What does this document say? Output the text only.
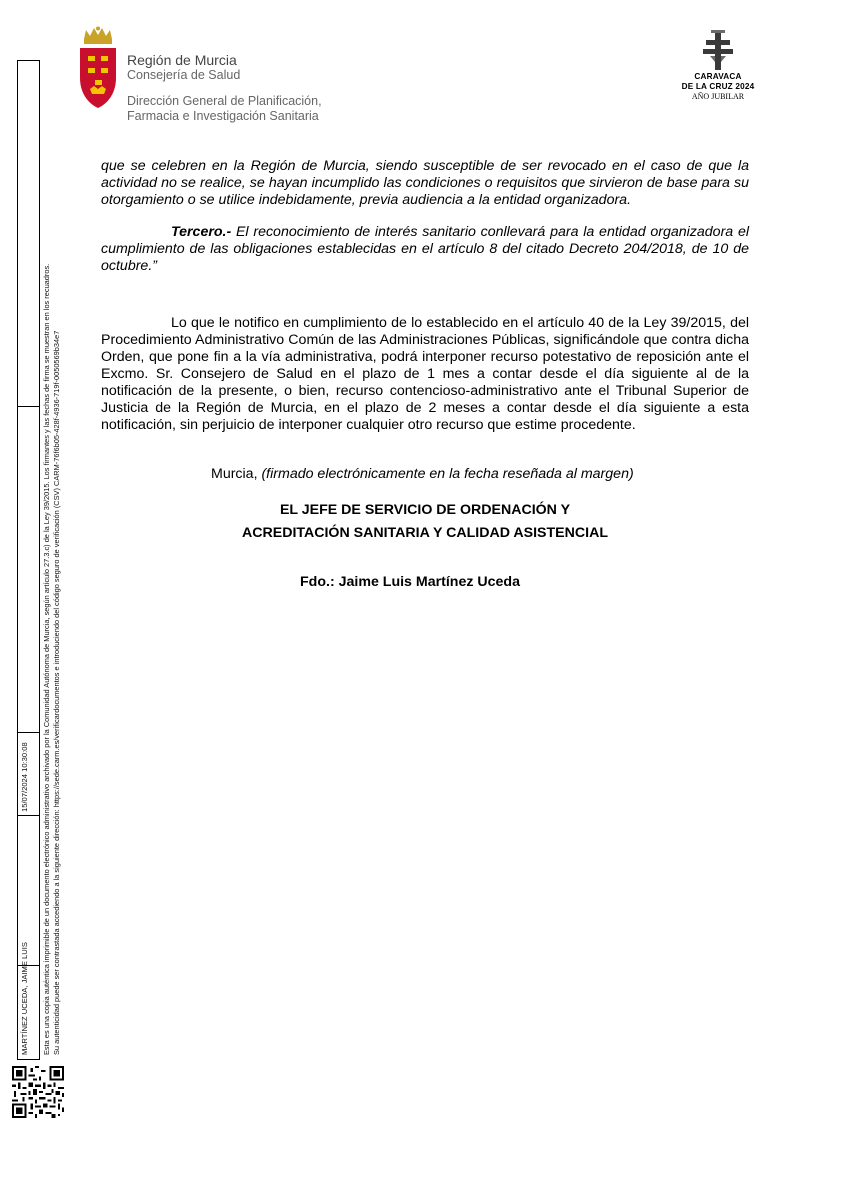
Región de Murcia
Consejería de Salud
Dirección General de Planificación,
Farmacia e Investigación Sanitaria
CARAVACA
DE LA CRUZ 2024
AÑO JUBILAR
que se celebren en la Región de Murcia, siendo susceptible de ser revocado en el caso de que la actividad no se realice, se hayan incumplido las condiciones o requisitos que sirvieron de base para su otorgamiento o se utilice indebidamente, previa audiencia a la entidad organizadora.
Tercero.- El reconocimiento de interés sanitario conllevará para la entidad organizadora el cumplimiento de las obligaciones establecidas en el artículo 8 del citado Decreto 204/2018, de 10 de octubre.”
Lo que le notifico en cumplimiento de lo establecido en el artículo 40 de la Ley 39/2015, del Procedimiento Administrativo Común de las Administraciones Públicas, significándole que contra dicha Orden, que pone fin a la vía administrativa, podrá interponer recurso potestativo de reposición ante el Excmo. Sr. Consejero de Salud en el plazo de 1 mes a contar desde el día siguiente al de la notificación de la presente, o bien, recurso contencioso-administrativo ante el Tribunal Superior de Justicia de la Región de Murcia, en el plazo de 2 meses a contar desde el día siguiente a esta notificación, sin perjuicio de interponer cualquier otro recurso que estime procedente.
Murcia, (firmado electrónicamente en la fecha reseñada al margen)
EL JEFE DE SERVICIO DE ORDENACIÓN Y
ACREDITACIÓN SANITARIA Y CALIDAD ASISTENCIAL
Fdo.: Jaime Luis Martínez Uceda
MARTÍNEZ UCEDA, JAIME LUIS
15/07/2024 10:30:08 Esta es una copia auténtica imprimible de un documento electrónico administrativo archivado por la Comunidad Autónoma de Murcia, según artículo 27.3.c) de la Ley 39/2015. Los firmantes y las fechas de firma se muestran en los recuadros. Su autenticidad puede ser contrastada accediendo a la siguiente dirección: https://sede.carm.es/verificardocumentos e introduciendo del código seguro de verificación (CSV) CARM-76f6b05-428f-4936-719f-0050569b34e7
